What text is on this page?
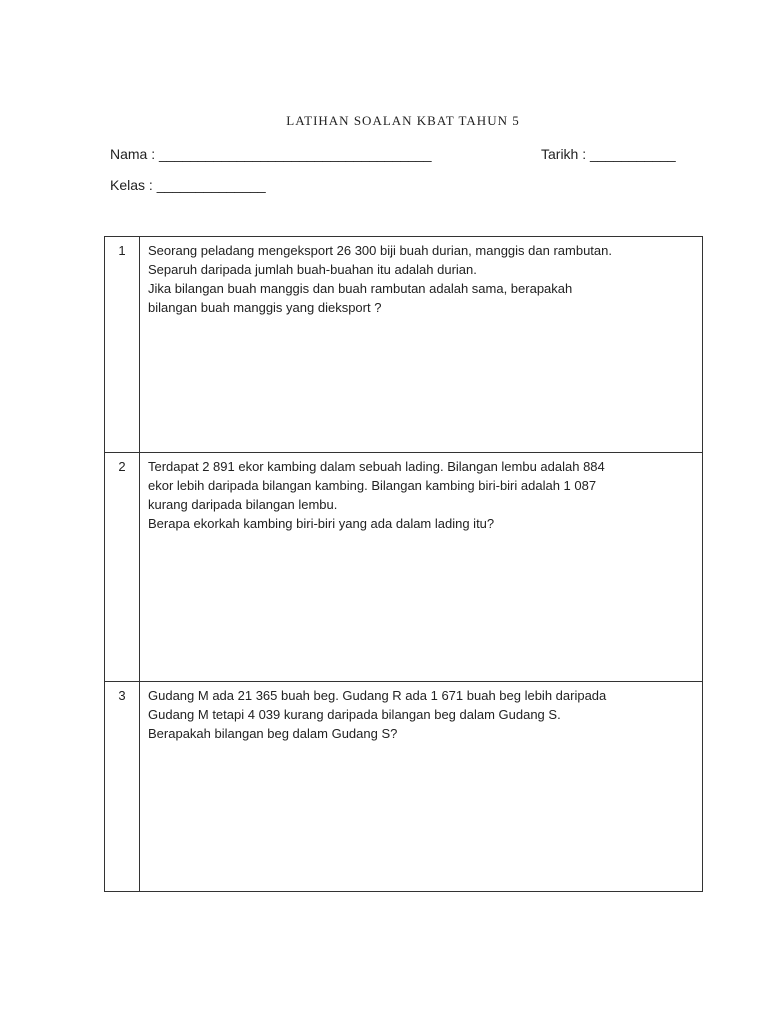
LATIHAN SOALAN KBAT TAHUN 5
Nama : ___________________________________	Tarikh : ___________
Kelas : ______________
1	Seorang peladang mengeksport 26 300 biji buah durian, manggis dan rambutan.
Separuh daripada jumlah buah-buahan itu adalah durian.
Jika bilangan buah manggis dan buah rambutan adalah sama, berapakah
bilangan buah manggis yang dieksport ?

2	Terdapat 2 891 ekor kambing dalam sebuah lading. Bilangan lembu adalah 884
ekor lebih daripada bilangan kambing. Bilangan kambing biri-biri adalah 1 087
kurang daripada bilangan lembu.
Berapa ekorkah kambing biri-biri yang ada dalam lading itu?

3	Gudang M ada 21 365 buah beg. Gudang R ada 1 671 buah beg lebih daripada
Gudang M tetapi 4 039 kurang daripada bilangan beg dalam Gudang S.
Berapakah bilangan beg dalam Gudang S?
